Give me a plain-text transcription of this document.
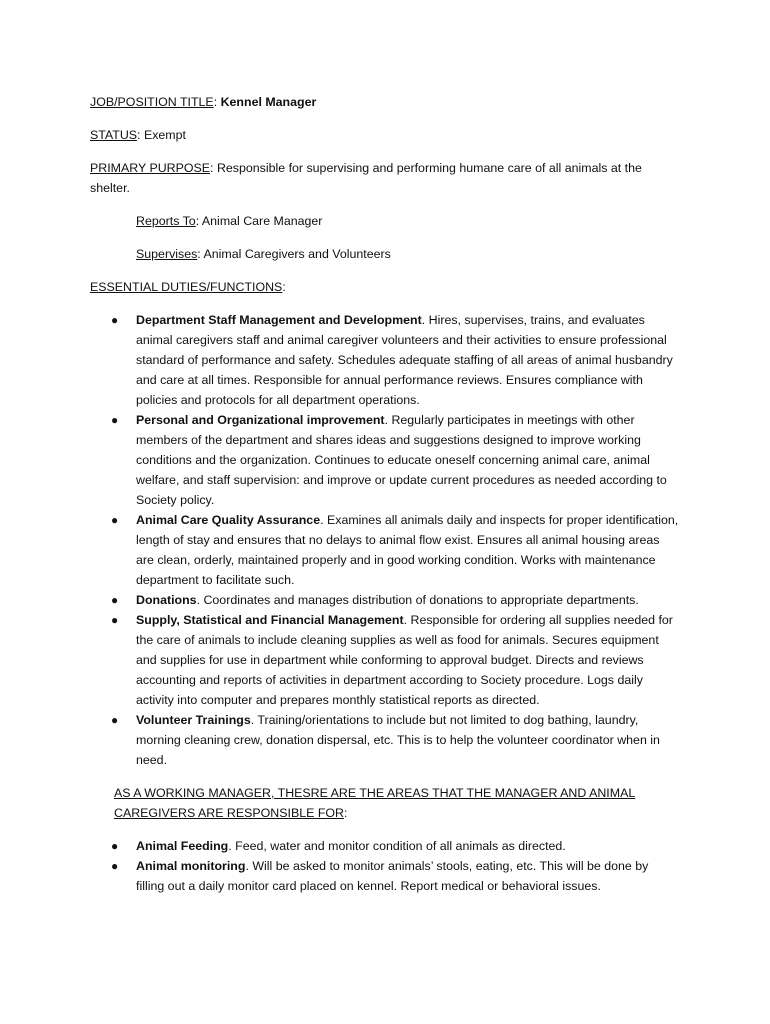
JOB/POSITION TITLE: Kennel Manager

STATUS: Exempt

PRIMARY PURPOSE: Responsible for supervising and performing humane care of all animals at the shelter.

Reports To: Animal Care Manager

Supervises: Animal Caregivers and Volunteers

ESSENTIAL DUTIES/FUNCTIONS:

● Department Staff Management and Development. Hires, supervises, trains, and evaluates animal caregivers staff and animal caregiver volunteers and their activities to ensure professional standard of performance and safety. Schedules adequate staffing of all areas of animal husbandry and care at all times. Responsible for annual performance reviews. Ensures compliance with policies and protocols for all department operations.
● Personal and Organizational improvement. Regularly participates in meetings with other members of the department and shares ideas and suggestions designed to improve working conditions and the organization. Continues to educate oneself concerning animal care, animal welfare, and staff supervision: and improve or update current procedures as needed according to Society policy.
● Animal Care Quality Assurance. Examines all animals daily and inspects for proper identification, length of stay and ensures that no delays to animal flow exist. Ensures all animal housing areas are clean, orderly, maintained properly and in good working condition. Works with maintenance department to facilitate such.
● Donations. Coordinates and manages distribution of donations to appropriate departments.
● Supply, Statistical and Financial Management. Responsible for ordering all supplies needed for the care of animals to include cleaning supplies as well as food for animals. Secures equipment and supplies for use in department while conforming to approval budget. Directs and reviews accounting and reports of activities in department according to Society procedure. Logs daily activity into computer and prepares monthly statistical reports as directed.
● Volunteer Trainings. Training/orientations to include but not limited to dog bathing, laundry, morning cleaning crew, donation dispersal, etc. This is to help the volunteer coordinator when in need.

AS A WORKING MANAGER, THESRE ARE THE AREAS THAT THE MANAGER AND ANIMAL CAREGIVERS ARE RESPONSIBLE FOR:

● Animal Feeding. Feed, water and monitor condition of all animals as directed.
● Animal monitoring. Will be asked to monitor animals’ stools, eating, etc. This will be done by filling out a daily monitor card placed on kennel. Report medical or behavioral issues.
